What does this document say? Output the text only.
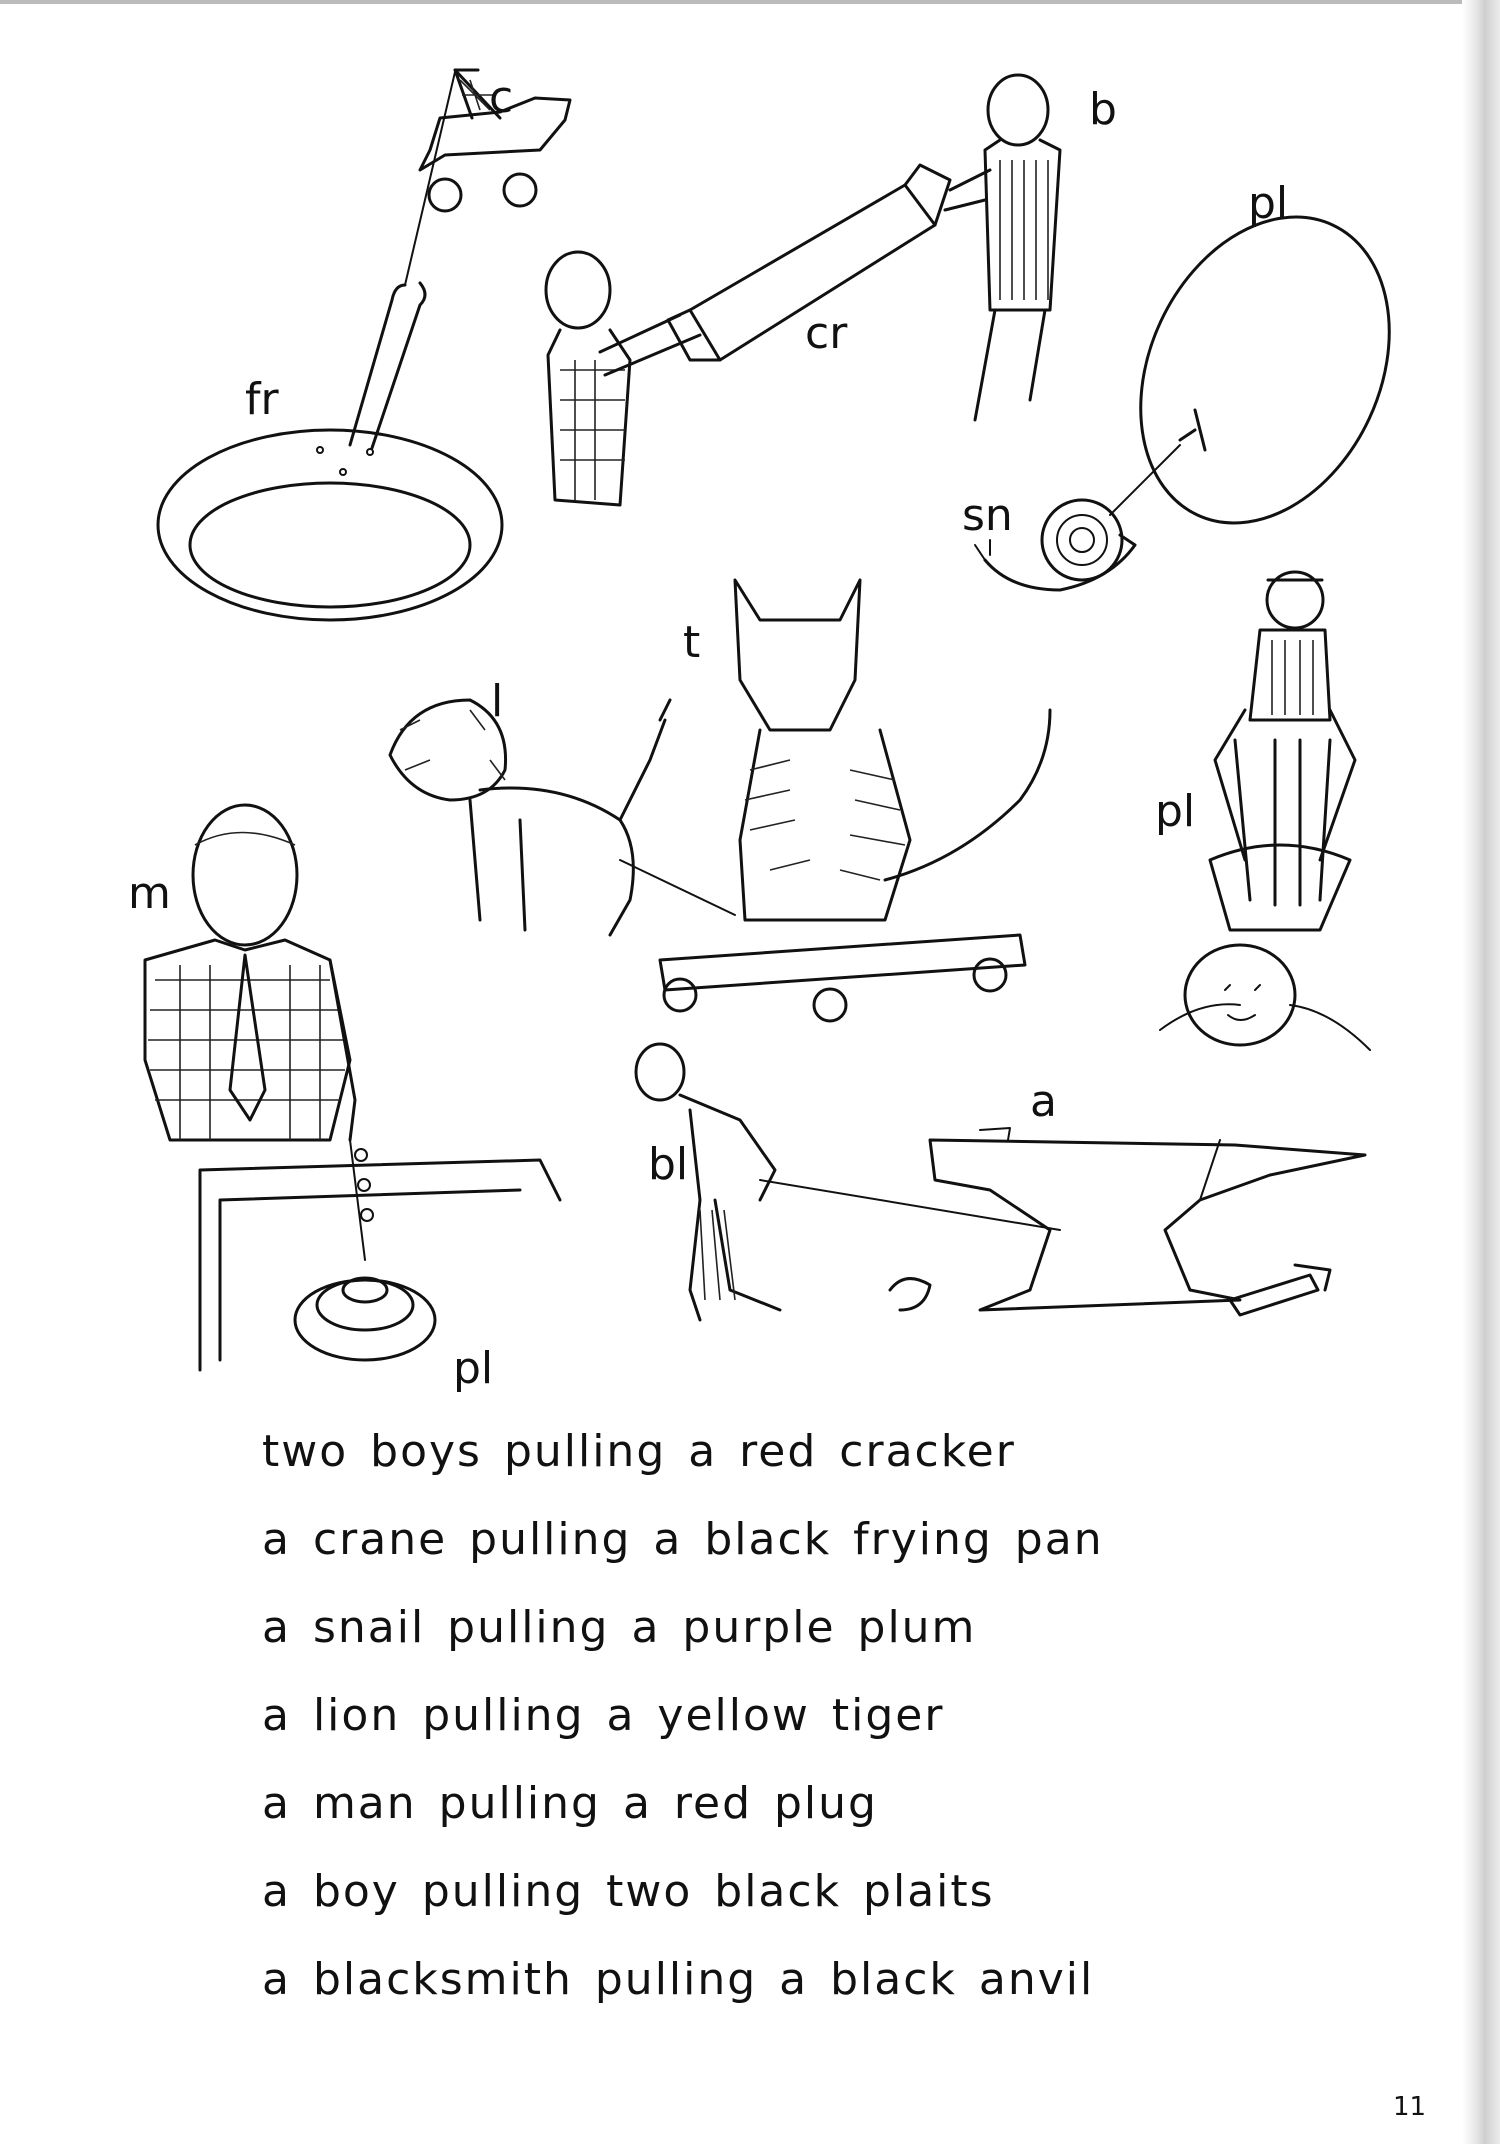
c	b
pl
fr
cr
sn
t
l
pl
m
a
bl
pl
two boys pulling a red cracker
a crane pulling a black frying pan
a snail pulling a purple plum
a lion pulling a yellow tiger
a man pulling a red plug
a boy pulling two black plaits
a blacksmith pulling a black anvil
11
